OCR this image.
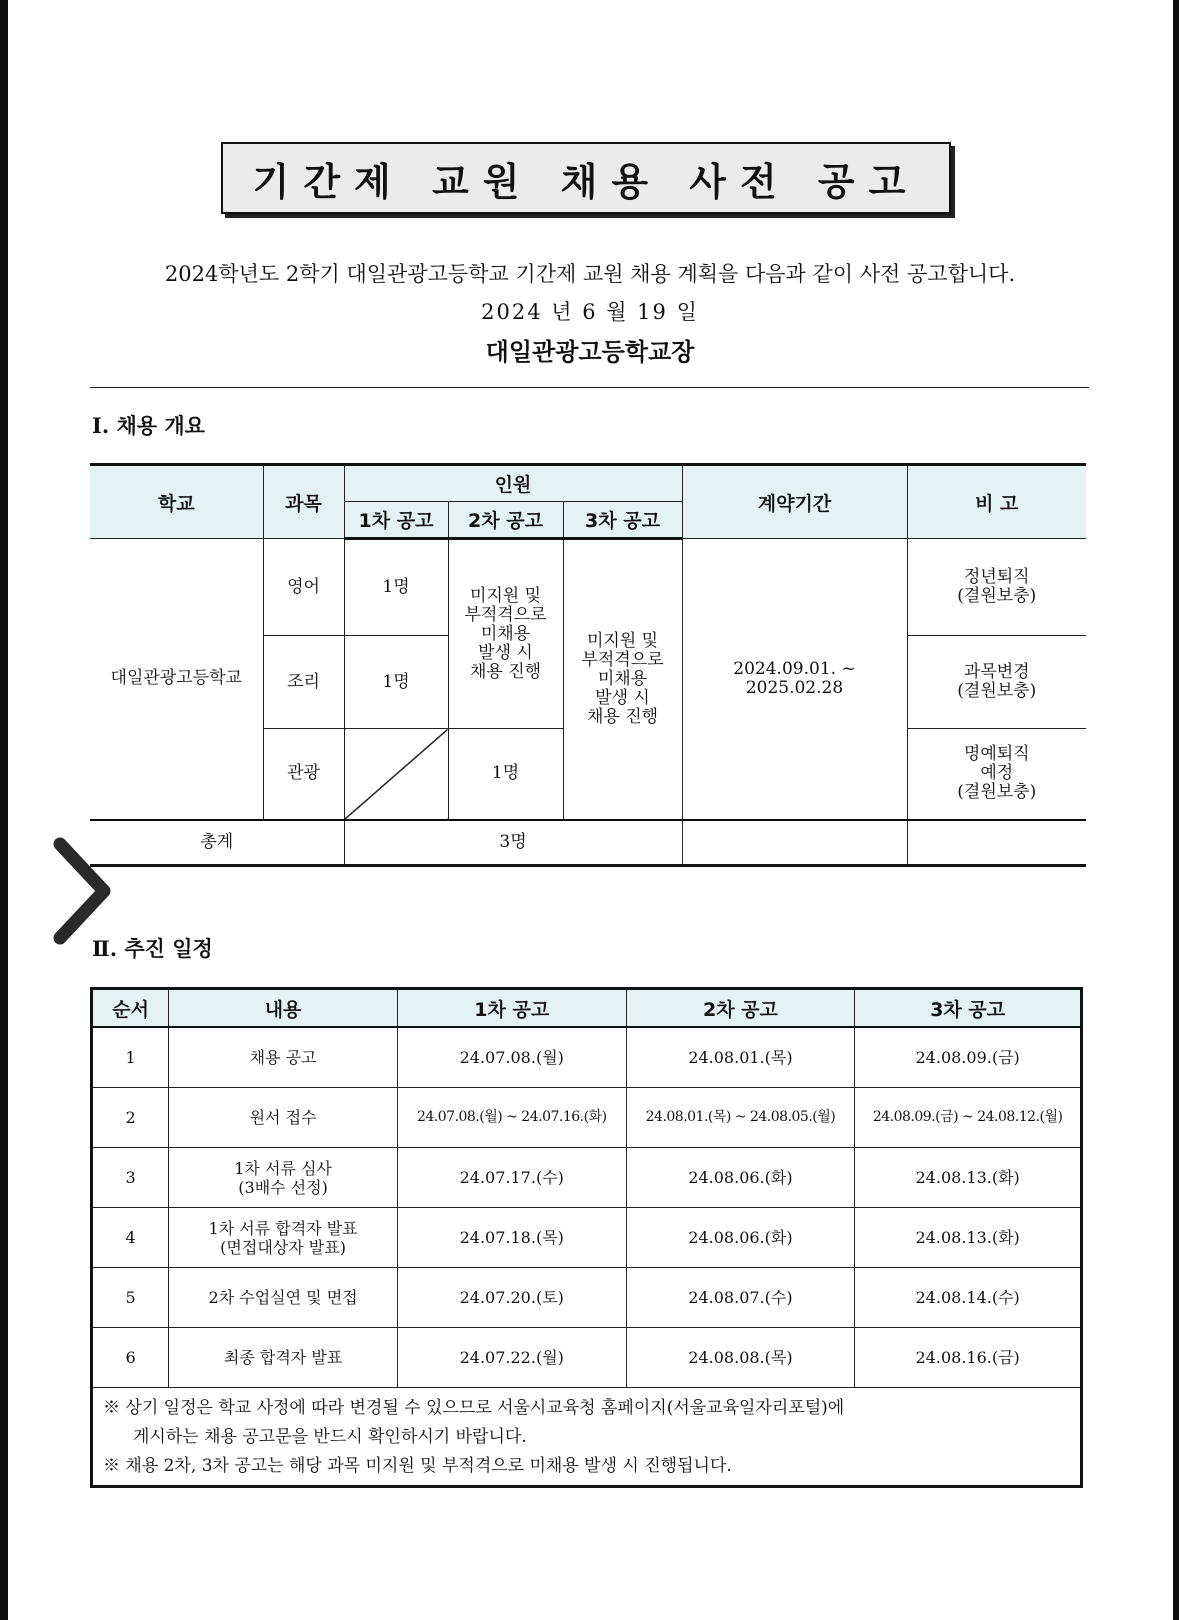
기간제 교원 채용 사전 공고
2024학년도 2학기 대일관광고등학교 기간제 교원 채용 계획을 다음과 같이 사전 공고합니다.
2024 년 6 월 19 일
대일관광고등학교장
Ⅰ. 채용 개요
학교	과목	인원			계약기간	비 고
		1차 공고	2차 공고	3차 공고		
대일관광고등학교	영어	1명	미지원 및
부적격으로
미채용
발생 시
채용 진행	미지원 및
부적격으로
미채용
발생 시
채용 진행	2024.09.01. ~ 2025.02.28	정년퇴직
(결원보충)
	조리	1명				과목변경
(결원보충)
	관광		1명			명예퇴직
예정
(결원보충)
총계		3명				
Ⅱ. 추진 일정
순서	내용	1차 공고	2차 공고	3차 공고
1	채용 공고	24.07.08.(월)	24.08.01.(목)	24.08.09.(금)
2	원서 접수	24.07.08.(월) ~ 24.07.16.(화)	24.08.01.(목) ~ 24.08.05.(월)	24.08.09.(금) ~ 24.08.12.(월)
3	1차 서류 심사
(3배수 선정)	24.07.17.(수)	24.08.06.(화)	24.08.13.(화)
4	1차 서류 합격자 발표
(면접대상자 발표)	24.07.18.(목)	24.08.06.(화)	24.08.13.(화)
5	2차 수업실연 및 면접	24.07.20.(토)	24.08.07.(수)	24.08.14.(수)
6	최종 합격자 발표	24.07.22.(월)	24.08.08.(목)	24.08.16.(금)

※ 상기 일정은 학교 사정에 따라 변경될 수 있으므로 서울시교육청 홈페이지(서울교육일자리포털)에
게시하는 채용 공고문을 반드시 확인하시기 바랍니다.
※ 채용 2차, 3차 공고는 해당 과목 미지원 및 부적격으로 미채용 발생 시 진행됩니다.				
